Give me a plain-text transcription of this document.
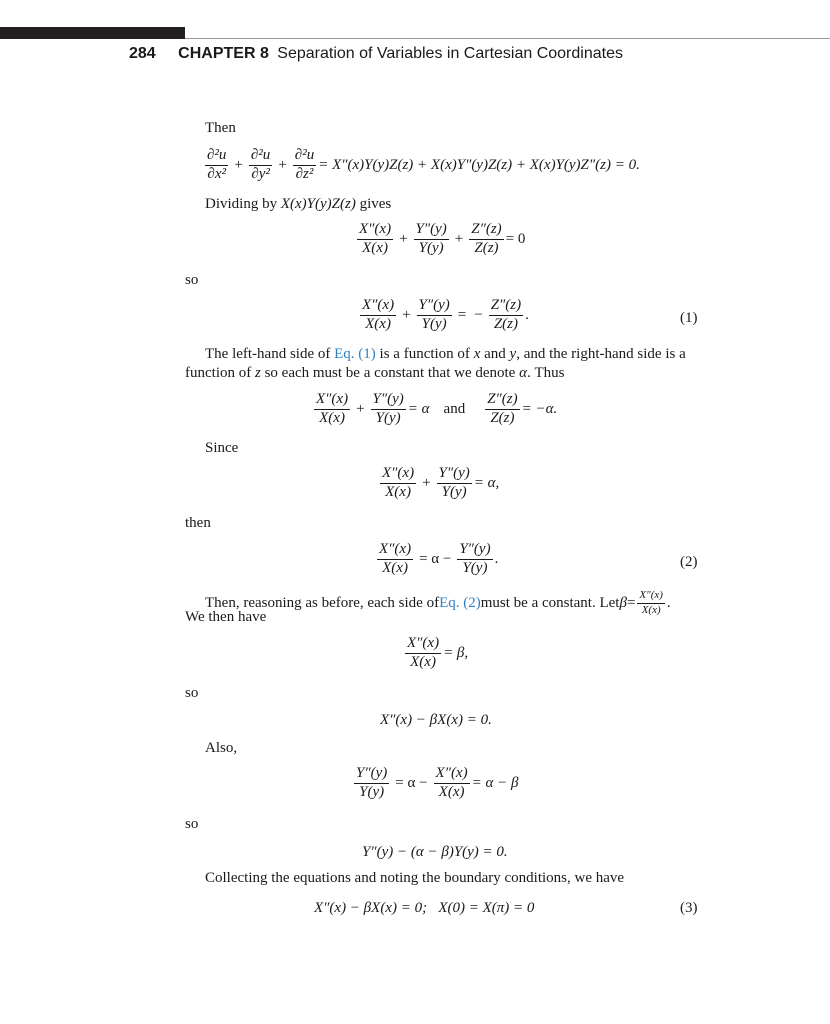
284 CHAPTER 8 Separation of Variables in Cartesian Coordinates
Then
$\frac{\text{∂²u}}{\text{∂x²}} + \frac{\text{∂²u}}{\text{∂y²}} + \frac{\text{∂²u}}{\text{∂z²}} = X''(x)Y(y)Z(z) + X(x)Y''(y)Z(z) + X(x)Y(y)Z''(z) = 0$.
Dividing by X(x)Y(y)Z(z) gives
$\frac{X''(x)}{X(x)} + \frac{Y''(y)}{Y(y)} + \frac{Z''(z)}{Z(z)} = 0$
so
$\frac{X''(x)}{X(x)} + \frac{Y''(y)}{Y(y)}$ = − $\frac{Z''(z)}{Z(z)}$ .	(1)
The left-hand side of Eq. (1) is a function of x and y, and the right-hand side is a
function of z so each must be a constant that we denote α. Thus
$\frac{X''(x)}{X(x)} + \frac{Y''(y)}{Y(y)} = \alpha$ and $\frac{Z''(z)}{Z(z)} = -\alpha$.
Since
$\frac{X''(x)}{X(x)} + \frac{Y''(y)}{Y(y)} = \alpha$,
then
$\frac{X''(x)}{X(x)} = \alpha - \frac{Y''(y)}{Y(y)}$ .	(2)
Then, reasoning as before, each side of Eq. (2) must be a constant. Let $\beta = \frac{X''(x)}{X(x)}$ .
We then have
$\frac{X''(x)}{X(x)} = \beta$,
so
X″(x) − βX(x) = 0.
Also,
$\frac{Y''(y)}{Y(y)} = \alpha - \frac{X''(x)}{X(x)} = \alpha - \beta$
so
Y″(y) − (α − β)Y(y) = 0.
Collecting the equations and noting the boundary conditions, we have
X″(x) − βX(x) = 0;   X(0) = X(π) = 0	(3)
